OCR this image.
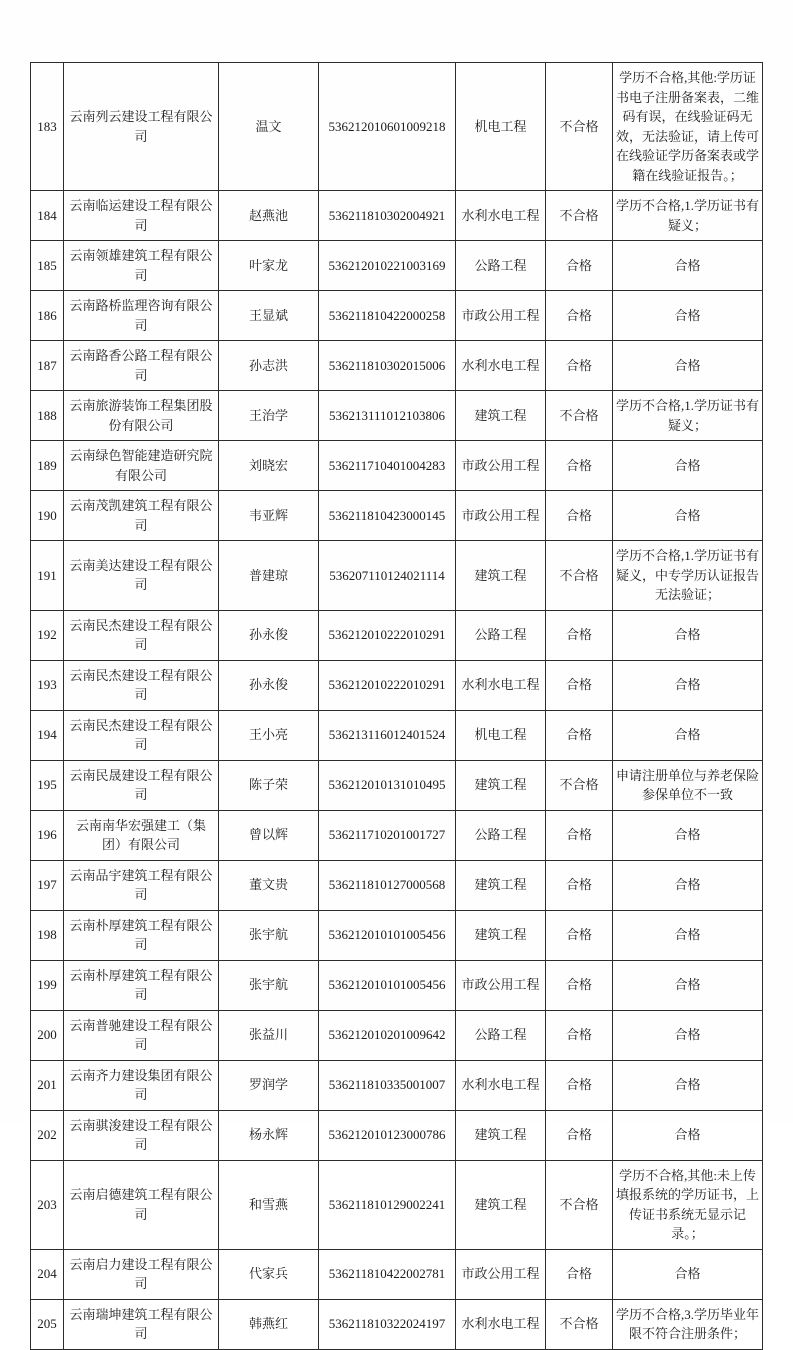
183	云南列云建设工程有限公司	温文	536212010601009218	机电工程	不合格	学历不合格,其他:学历证书电子注册备案表，二维码有误，在线验证码无效，无法验证，请上传可在线验证学历备案表或学籍在线验证报告。；
184	云南临运建设工程有限公司	赵燕池	536211810302004921	水利水电工程	不合格	学历不合格,1.学历证书有疑义；
185	云南领雄建筑工程有限公司	叶家龙	536212010221003169	公路工程	合格	合格
186	云南路桥监理咨询有限公司	王显斌	536211810422000258	市政公用工程	合格	合格
187	云南路香公路工程有限公司	孙志洪	536211810302015006	水利水电工程	合格	合格
188	云南旅游装饰工程集团股份有限公司	王治学	536213111012103806	建筑工程	不合格	学历不合格,1.学历证书有疑义；
189	云南绿色智能建造研究院有限公司	刘晓宏	536211710401004283	市政公用工程	合格	合格
190	云南茂凯建筑工程有限公司	韦亚辉	536211810423000145	市政公用工程	合格	合格
191	云南美达建设工程有限公司	普建琼	536207110124021114	建筑工程	不合格	学历不合格,1.学历证书有疑义，中专学历认证报告无法验证；
192	云南民杰建设工程有限公司	孙永俊	536212010222010291	公路工程	合格	合格
193	云南民杰建设工程有限公司	孙永俊	536212010222010291	水利水电工程	合格	合格
194	云南民杰建设工程有限公司	王小亮	536213116012401524	机电工程	合格	合格
195	云南民晟建设工程有限公司	陈子荣	536212010131010495	建筑工程	不合格	申请注册单位与养老保险参保单位不一致
196	云南南华宏强建工（集团）有限公司	曾以辉	536211710201001727	公路工程	合格	合格
197	云南品宇建筑工程有限公司	董文贵	536211810127000568	建筑工程	合格	合格
198	云南朴厚建筑工程有限公司	张宇航	536212010101005456	建筑工程	合格	合格
199	云南朴厚建筑工程有限公司	张宇航	536212010101005456	市政公用工程	合格	合格
200	云南普驰建设工程有限公司	张益川	536212010201009642	公路工程	合格	合格
201	云南齐力建设集团有限公司	罗润学	536211810335001007	水利水电工程	合格	合格
202	云南骐浚建设工程有限公司	杨永辉	536212010123000786	建筑工程	合格	合格
203	云南启德建筑工程有限公司	和雪燕	536211810129002241	建筑工程	不合格	学历不合格,其他:未上传填报系统的学历证书，上传证书系统无显示记录。；
204	云南启力建设工程有限公司	代家兵	536211810422002781	市政公用工程	合格	合格
205	云南瑞坤建筑工程有限公司	韩燕红	536211810322024197	水利水电工程	不合格	学历不合格,3.学历毕业年限不符合注册条件；
